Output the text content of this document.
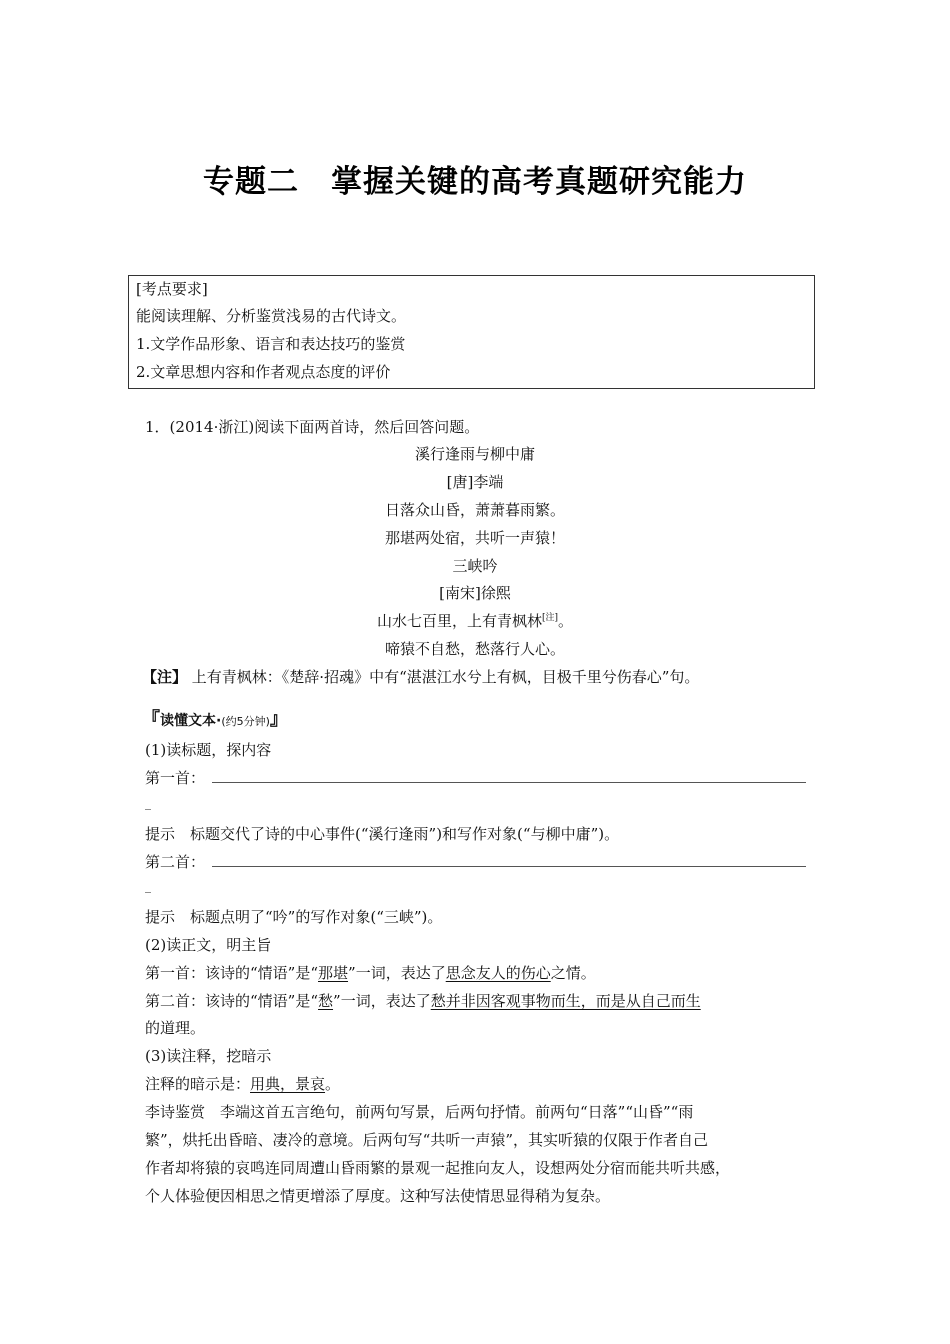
专题二　掌握关键的高考真题研究能力
[考点要求]
能阅读理解、分析鉴赏浅易的古代诗文。
1.文学作品形象、语言和表达技巧的鉴赏
2.文章思想内容和作者观点态度的评价
1．(2014·浙江)阅读下面两首诗，然后回答问题。
溪行逢雨与柳中庸
[唐]李端
日落众山昏，萧萧暮雨繁。
那堪两处宿，共听一声猿！
三峡吟
[南宋]徐熙
山水七百里，上有青枫林[注]。
啼猿不自愁，愁落行人心。
【注】 上有青枫林：《楚辞·招魂》中有“湛湛江水兮上有枫，目极千里兮伤春心”句。
『读懂文本·(约5分钟)』
(1)读标题，探内容
第一首：
_
提示　标题交代了诗的中心事件(“溪行逢雨”)和写作对象(“与柳中庸”)。
第二首：
_
提示　标题点明了“吟”的写作对象(“三峡”)。
(2)读正文，明主旨
第一首：该诗的“情语”是“那堪”一词，表达了思念友人的伤心之情。
第二首：该诗的“情语”是“愁”一词，表达了愁并非因客观事物而生，而是从自己而生
的道理。
(3)读注释，挖暗示
注释的暗示是：用典，景哀。
李诗鉴赏　李端这首五言绝句，前两句写景，后两句抒情。前两句“日落”“山昏”“雨
繁”，烘托出昏暗、凄冷的意境。后两句写“共听一声猿”，其实听猿的仅限于作者自己
作者却将猿的哀鸣连同周遭山昏雨繁的景观一起推向友人，设想两处分宿而能共听共感，
个人体验便因相思之情更增添了厚度。这种写法使情思显得稍为复杂。
